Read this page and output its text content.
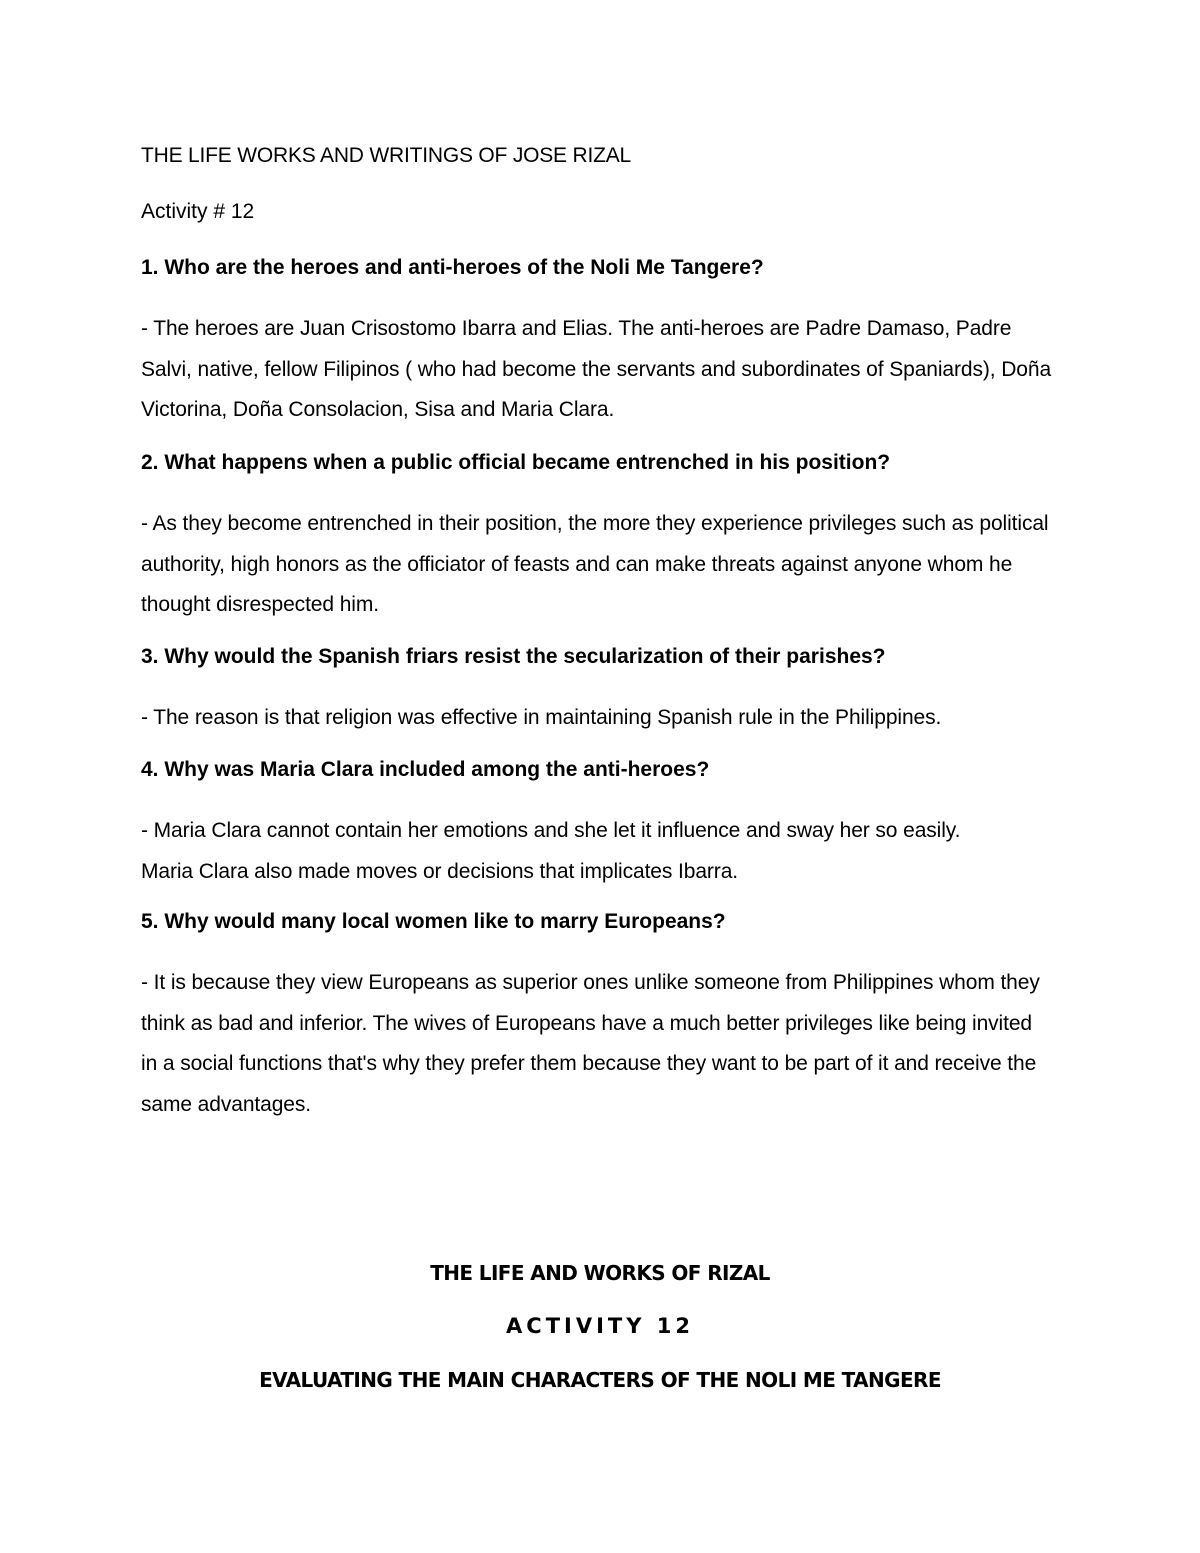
THE LIFE WORKS AND WRITINGS OF JOSE RIZAL
Activity # 12

1. Who are the heroes and anti-heroes of the Noli Me Tangere?

- The heroes are Juan Crisostomo Ibarra and Elias. The anti-heroes are Padre Damaso, Padre Salvi, native, fellow Filipinos ( who had become the servants and subordinates of Spaniards), Doña Victorina, Doña Consolacion, Sisa and Maria Clara.

2. What happens when a public official became entrenched in his position?

- As they become entrenched in their position, the more they experience privileges such as political authority, high honors as the officiator of feasts and can make threats against anyone whom he thought disrespected him.

3. Why would the Spanish friars resist the secularization of their parishes?

- The reason is that religion was effective in maintaining Spanish rule in the Philippines.

4. Why was Maria Clara included among the anti-heroes?

- Maria Clara cannot contain her emotions and she let it influence and sway her so easily. Maria Clara also made moves or decisions that implicates Ibarra.

5. Why would many local women like to marry Europeans?

- It is because they view Europeans as superior ones unlike someone from Philippines whom they think as bad and inferior. The wives of Europeans have a much better privileges like being invited in a social functions that's why they prefer them because they want to be part of it and receive the same advantages.

THE LIFE AND WORKS OF RIZAL
ACTIVITY 12
EVALUATING THE MAIN CHARACTERS OF THE NOLI ME TANGERE
